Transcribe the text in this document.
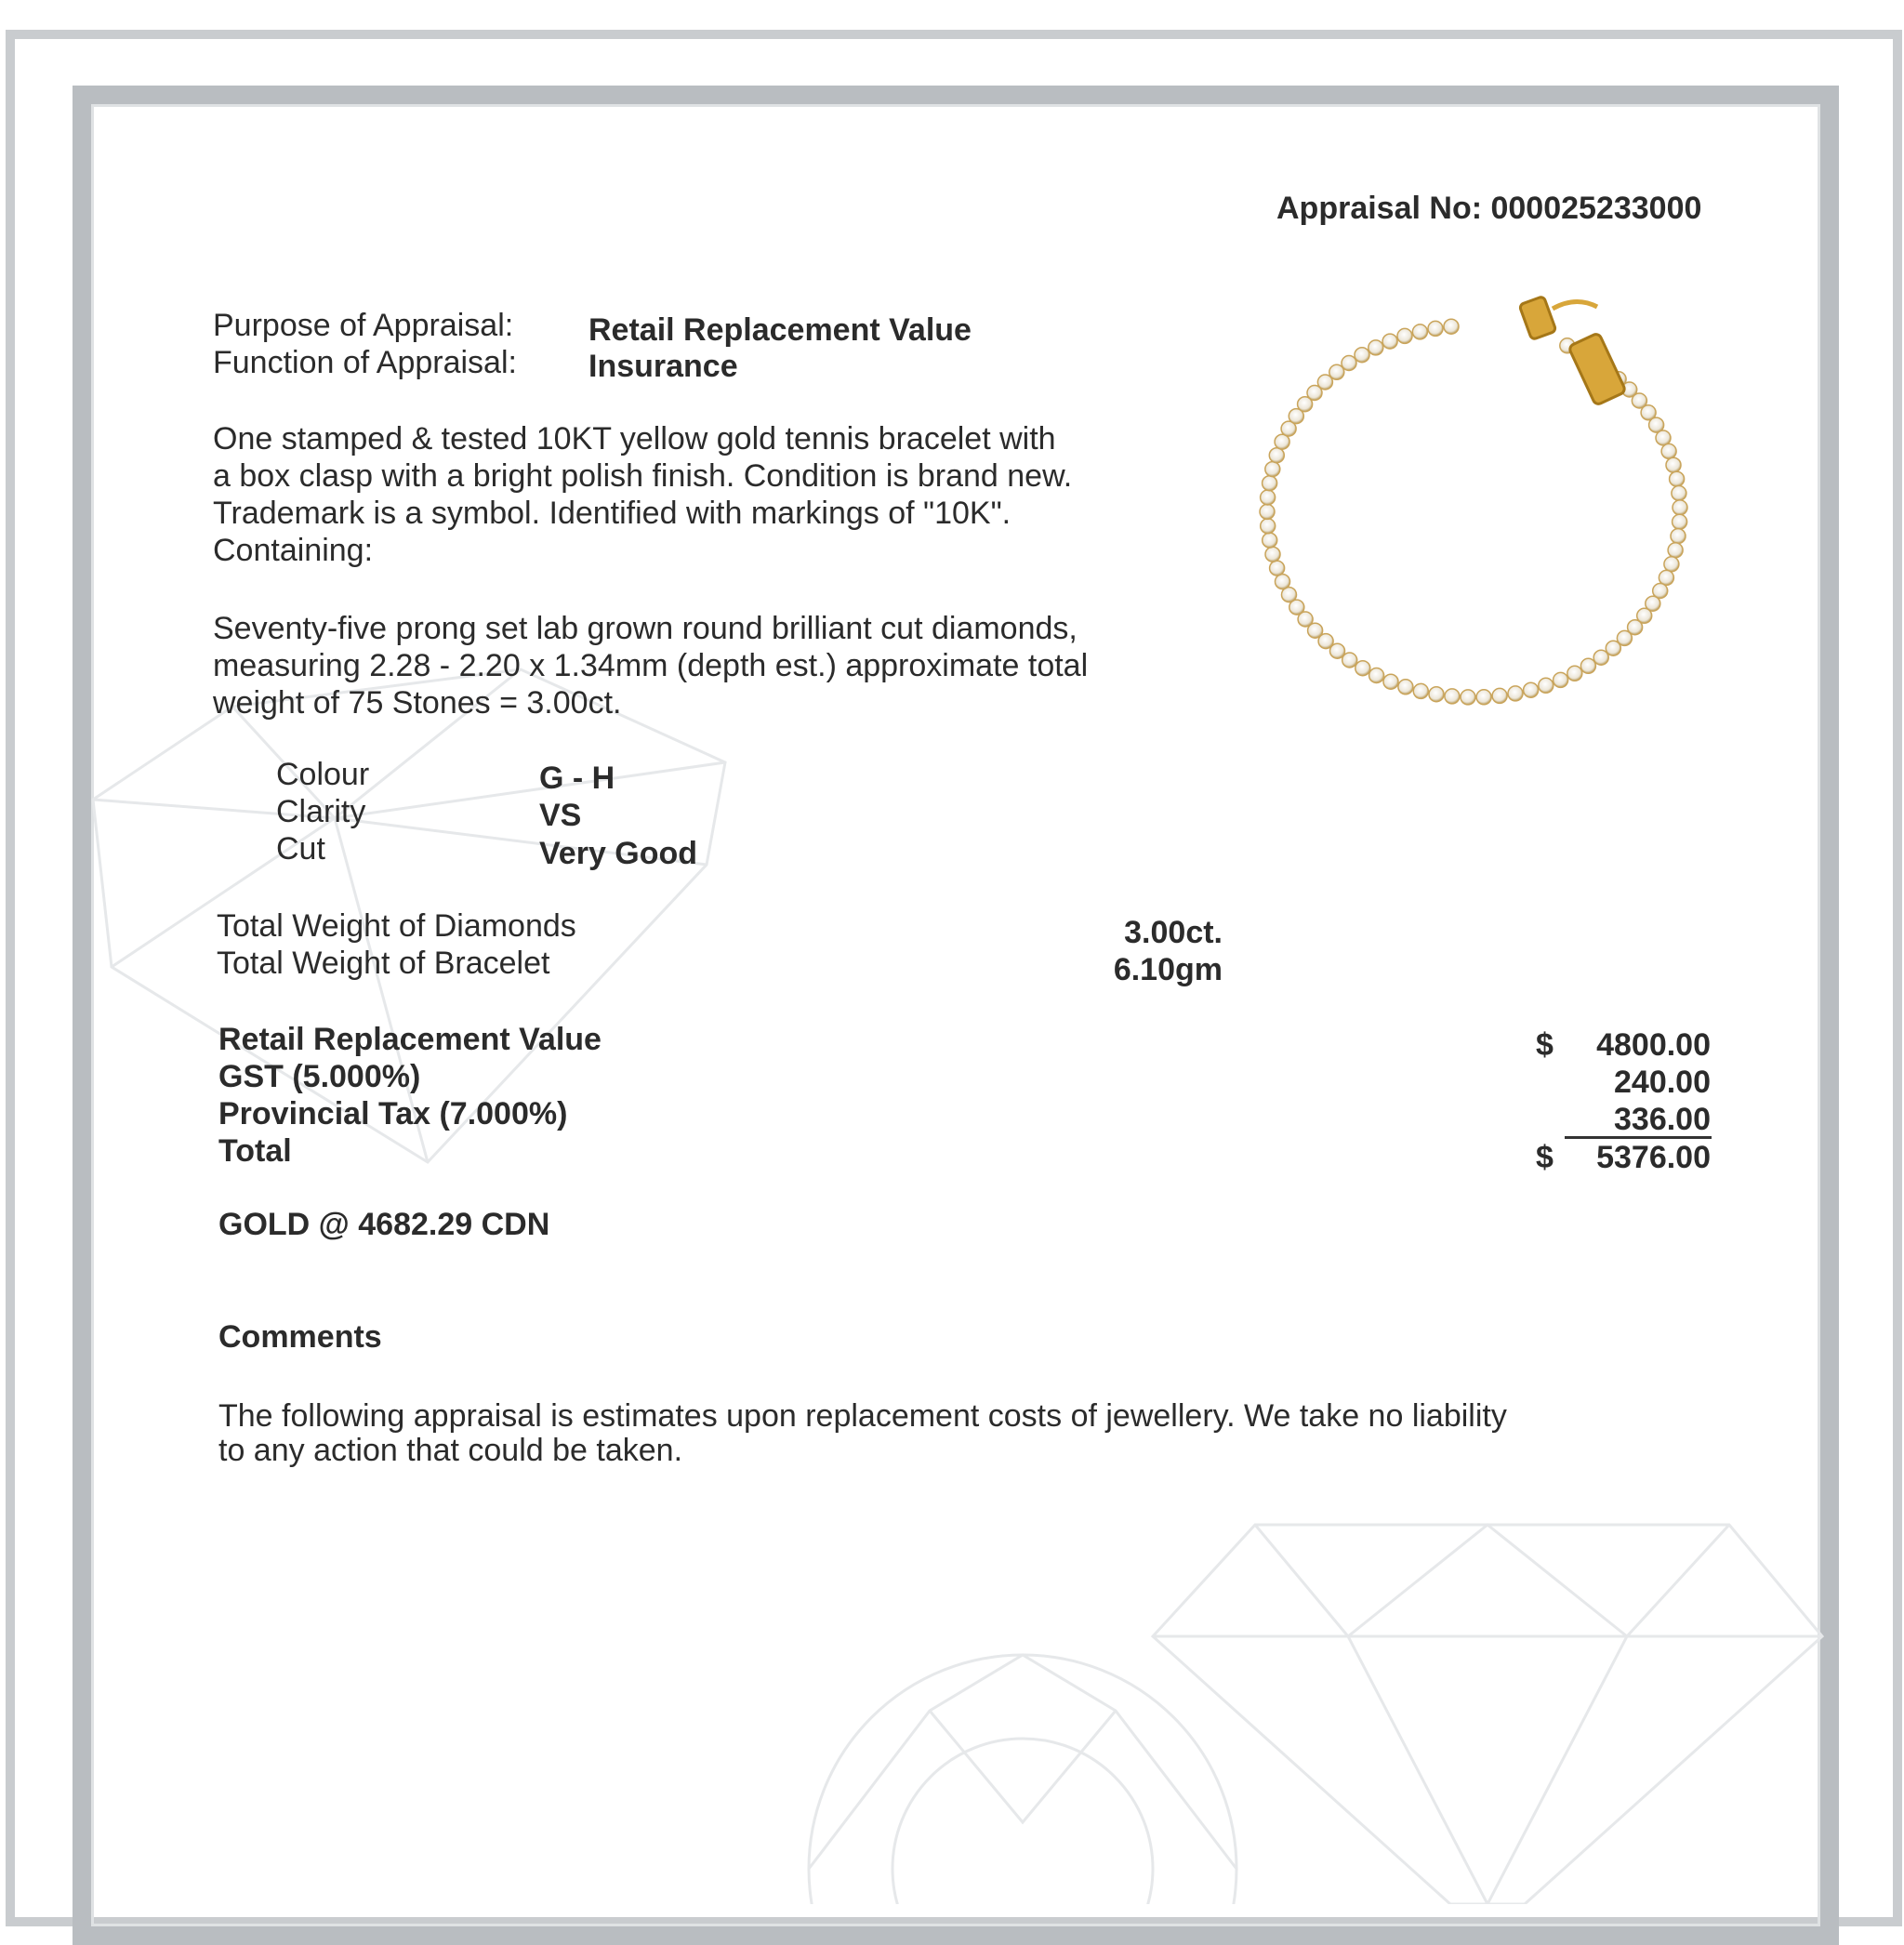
Appraisal No: 000025233000
Purpose of Appraisal: Retail Replacement Value
Function of Appraisal: Insurance
One stamped & tested 10KT yellow gold tennis bracelet with
a box clasp with a bright polish finish. Condition is brand new.
Trademark is a symbol. Identified with markings of "10K".
Containing:
Seventy-five prong set lab grown round brilliant cut diamonds,
measuring 2.28 - 2.20 x 1.34mm (depth est.) approximate total
weight of 75 Stones = 3.00ct.
Colour	G - H
Clarity	VS
Cut	Very Good
Total Weight of Diamonds	3.00ct.
Total Weight of Bracelet	6.10gm
Retail Replacement Value	$	4800.00
GST (5.000%)	240.00
Provincial Tax (7.000%)	336.00
Total	$	5376.00
GOLD @ 4682.29 CDN
Comments
The following appraisal is estimates upon replacement costs of jewellery. We take no liability
to any action that could be taken.
